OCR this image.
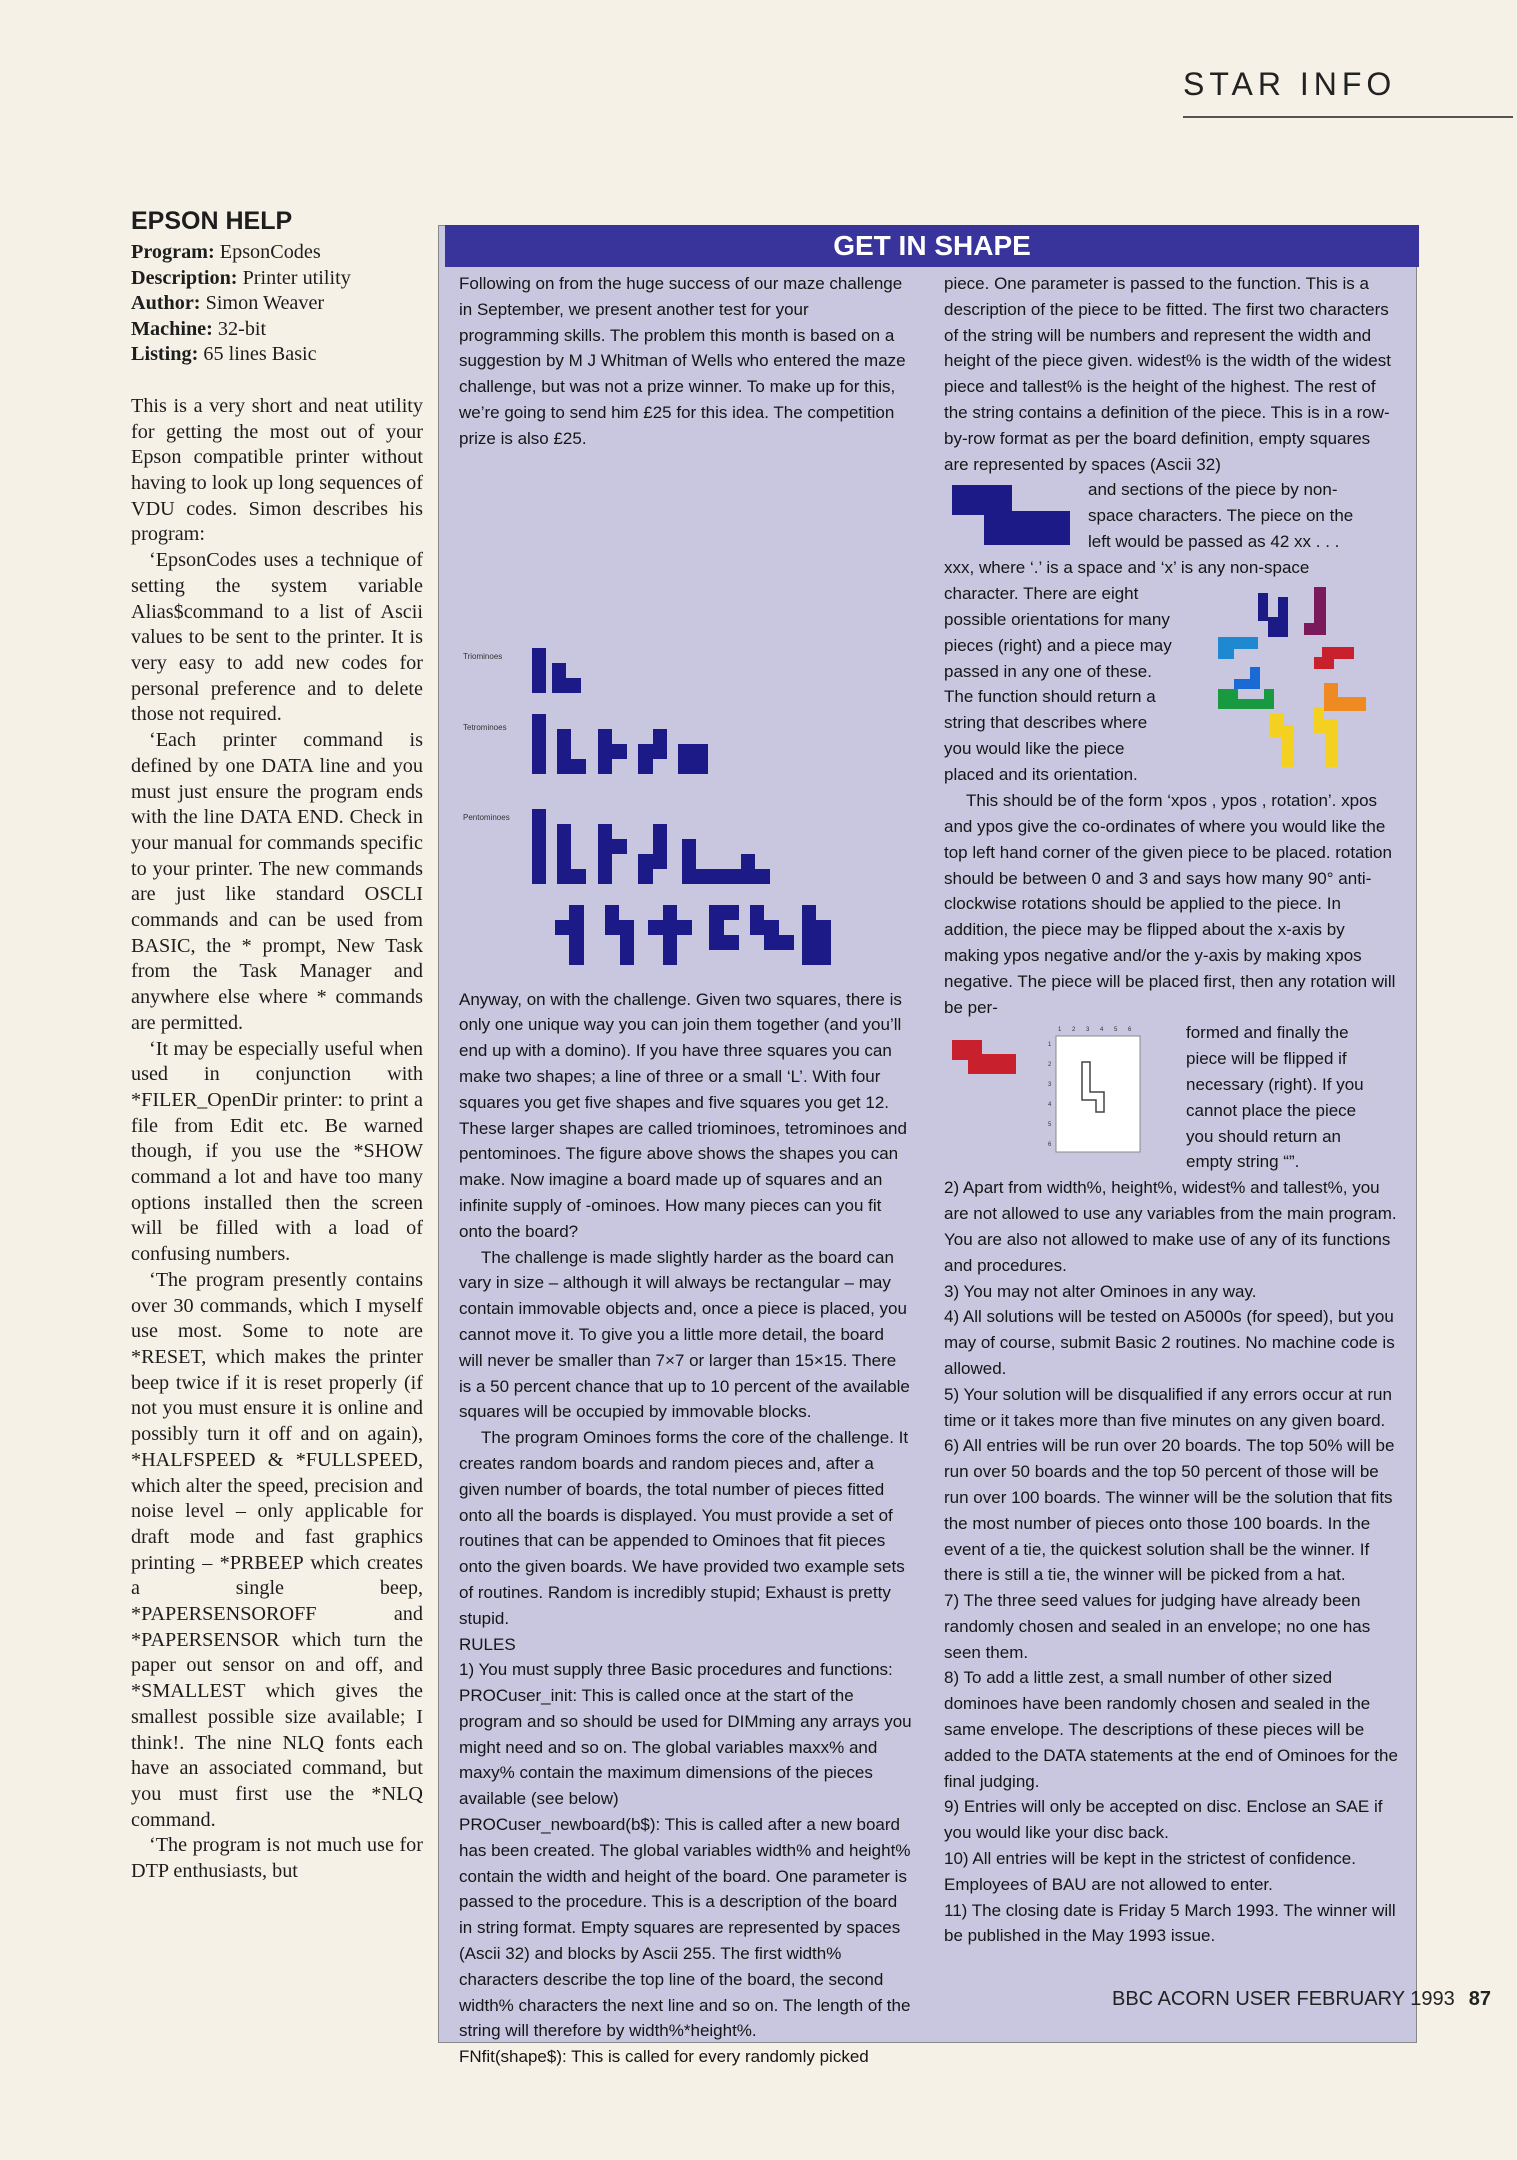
STAR INFO
EPSON HELP
Program: EpsonCodes
Description: Printer utility
Author: Simon Weaver
Machine: 32-bit
Listing: 65 lines Basic

This is a very short and neat utility for getting the most out of your Epson compatible printer without having to look up long sequences of VDU codes. Simon describes his program:

‘EpsonCodes uses a technique of setting the system variable Alias$command to a list of Ascii values to be sent to the printer. It is very easy to add new codes for personal preference and to delete those not required.

‘Each printer command is defined by one DATA line and you must just ensure the program ends with the line DATA END. Check in your manual for commands specific to your printer. The new commands are just like standard OSCLI commands and can be used from BASIC, the * prompt, New Task from the Task Manager and anywhere else where * commands are permitted.

‘It may be especially useful when used in conjunction with *FILER_OpenDir printer: to print a file from Edit etc. Be warned though, if you use the *SHOW command a lot and have too many options installed then the screen will be filled with a load of confusing numbers.

‘The program presently contains over 30 commands, which I myself use most. Some to note are *RESET, which makes the printer beep twice if it is reset properly (if not you must ensure it is online and possibly turn it off and on again), *HALFSPEED & *FULLSPEED, which alter the speed, precision and noise level – only applicable for draft mode and fast graphics printing – *PRBEEP which creates a single beep, *PAPERSENSOROFF and *PAPERSENSOR which turn the paper out sensor on and off, and *SMALLEST which gives the smallest possible size available; I think!. The nine NLQ fonts each have an associated command, but you must first use the *NLQ command.

‘The program is not much use for DTP enthusiasts, but

GET IN SHAPE

Following on from the huge success of our maze challenge in September, we present another test for your programming skills. The problem this month is based on a suggestion by M J Whitman of Wells who entered the maze challenge, but was not a prize winner. To make up for this, we’re going to send him £25 for this idea. The competition prize is also £25.

Triominoes
Tetrominoes
Pentominoes

Anyway, on with the challenge. Given two squares, there is only one unique way you can join them together (and you’ll end up with a domino). If you have three squares you can make two shapes; a line of three or a small ‘L’. With four squares you get five shapes and five squares you get 12. These larger shapes are called triominoes, tetrominoes and pentominoes. The figure above shows the shapes you can make. Now imagine a board made up of squares and an infinite supply of -ominoes. How many pieces can you fit onto the board?

The challenge is made slightly harder as the board can vary in size – although it will always be rectangular – may contain immovable objects and, once a piece is placed, you cannot move it. To give you a little more detail, the board will never be smaller than 7×7 or larger than 15×15. There is a 50 percent chance that up to 10 percent of the available squares will be occupied by immovable blocks.

The program Ominoes forms the core of the challenge. It creates random boards and random pieces and, after a given number of boards, the total number of pieces fitted onto all the boards is displayed. You must provide a set of routines that can be appended to Ominoes that fit pieces onto the given boards. We have provided two example sets of routines. Random is incredibly stupid; Exhaust is pretty stupid.

RULES

1) You must supply three Basic procedures and functions:

PROCuser_init: This is called once at the start of the program and so should be used for DIMming any arrays you might need and so on. The global variables maxx% and maxy% contain the maximum dimensions of the pieces available (see below)

PROCuser_newboard(b$): This is called after a new board has been created. The global variables width% and height% contain the width and height of the board. One parameter is passed to the procedure. This is a description of the board in string format. Empty squares are represented by spaces (Ascii 32) and blocks by Ascii 255. The first width% characters describe the top line of the board, the second width% characters the next line and so on. The length of the string will therefore by width%*height%.

FNfit(shape$): This is called for every randomly picked

piece. One parameter is passed to the function. This is a description of the piece to be fitted. The first two characters of the string will be numbers and represent the width and height of the piece given. widest% is the width of the widest piece and tallest% is the height of the highest. The rest of the string contains a definition of the piece. This is in a row-by-row format as per the board definition, empty squares are represented by spaces (Ascii 32)

and sections of the piece by non-
space characters. The piece on the
left would be passed as 42 xx . . .

xxx, where ‘.’ is a space and ‘x’ is any non-space

character. There are eight
possible orientations for many
pieces (right) and a piece may
passed in any one of these.
The function should return a
string that describes where
you would like the piece
placed and its orientation.

This should be of the form ‘xpos , ypos , rotation’. xpos and ypos give the co-ordinates of where you would like the top left hand corner of the given piece to be placed. rotation should be between 0 and 3 and says how many 90° anti-clockwise rotations should be applied to the piece. In addition, the piece may be flipped about the x-axis by making ypos negative and/or the y-axis by making xpos negative. The piece will be placed first, then any rotation will be per-

1 2 3 4 5 6
1
2
3
4
5
6
formed and finally the
piece will be flipped if
necessary (right). If you
cannot place the piece
you should return an
empty string “”.

2) Apart from width%, height%, widest% and tallest%, you are not allowed to use any variables from the main program. You are also not allowed to make use of any of its functions and procedures.

3) You may not alter Ominoes in any way.

4) All solutions will be tested on A5000s (for speed), but you may of course, submit Basic 2 routines. No machine code is allowed.

5) Your solution will be disqualified if any errors occur at run time or it takes more than five minutes on any given board.

6) All entries will be run over 20 boards. The top 50% will be run over 50 boards and the top 50 percent of those will be run over 100 boards. The winner will be the solution that fits the most number of pieces onto those 100 boards. In the event of a tie, the quickest solution shall be the winner. If there is still a tie, the winner will be picked from a hat.

7) The three seed values for judging have already been randomly chosen and sealed in an envelope; no one has seen them.

8) To add a little zest, a small number of other sized dominoes have been randomly chosen and sealed in the same envelope. The descriptions of these pieces will be added to the DATA statements at the end of Ominoes for the final judging.

9) Entries will only be accepted on disc. Enclose an SAE if you would like your disc back.

10) All entries will be kept in the strictest of confidence. Employees of BAU are not allowed to enter.

11) The closing date is Friday 5 March 1993. The winner will be published in the May 1993 issue.

BBC ACORN USER FEBRUARY 1993 87
